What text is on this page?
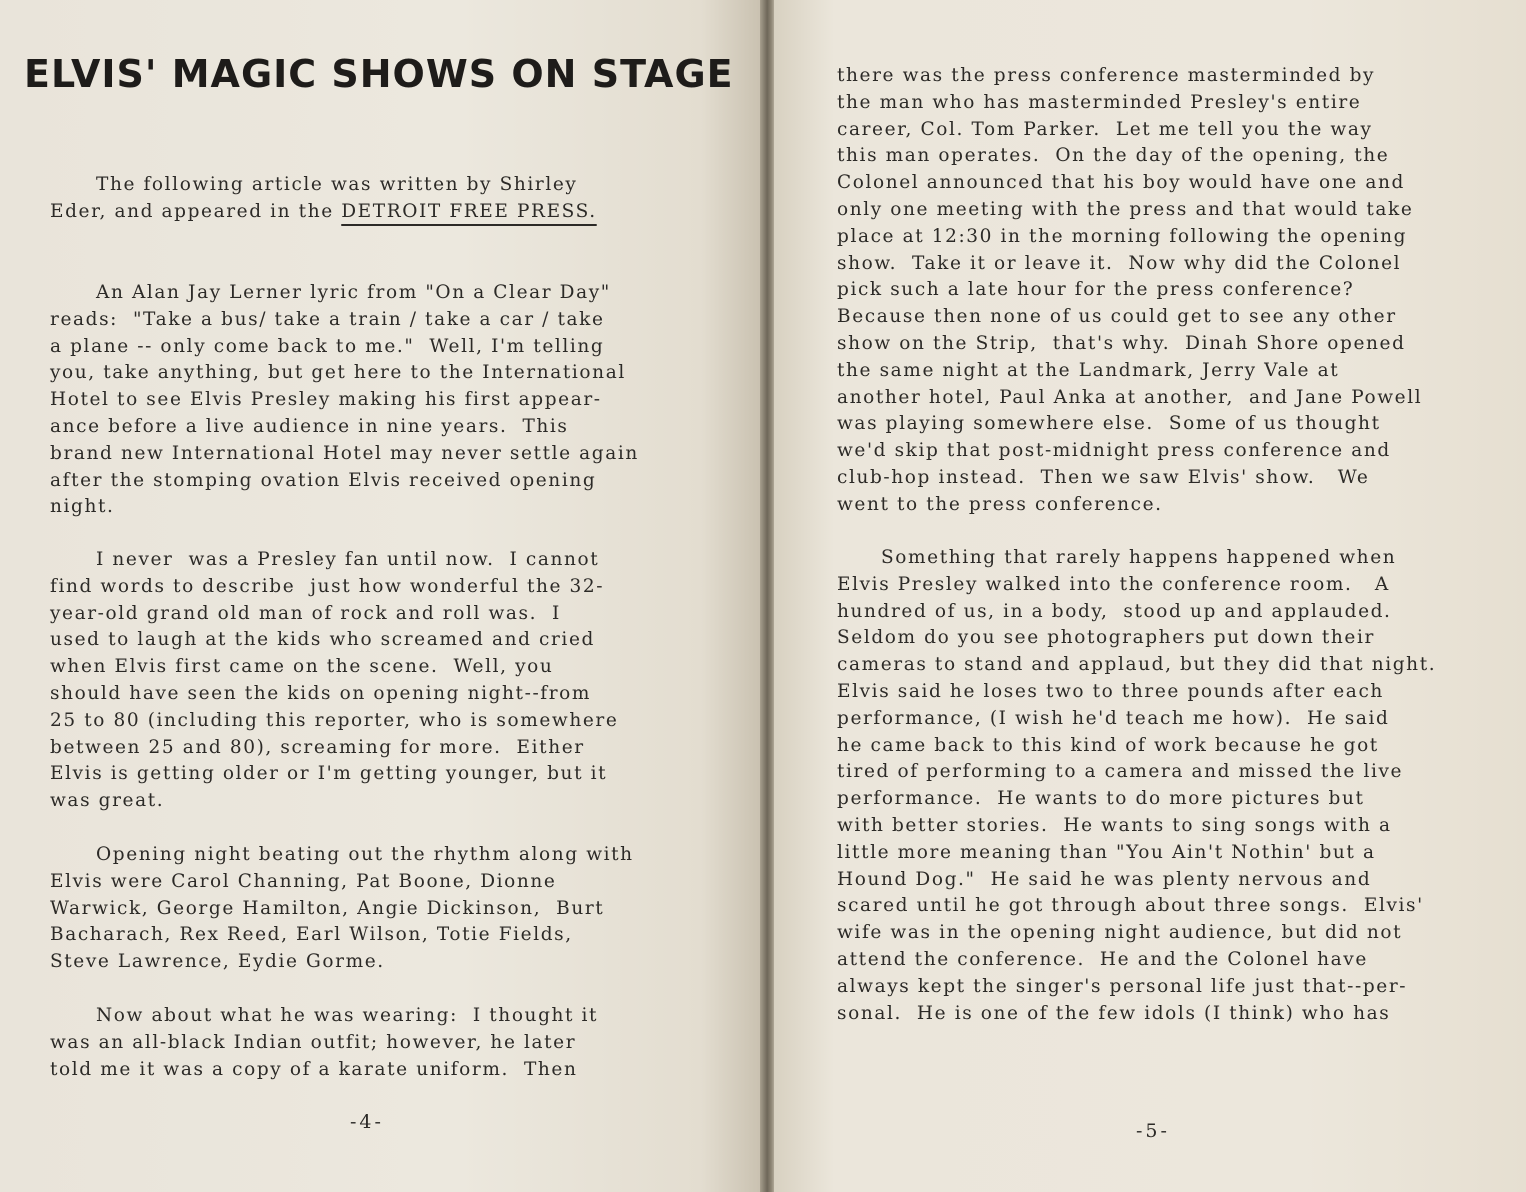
ELVIS' MAGIC SHOWS ON STAGE
The following article was written by Shirley
Eder, and appeared in the DETROIT FREE PRESS.
An Alan Jay Lerner lyric from "On a Clear Day"
reads:  "Take a bus/ take a train / take a car / take
a plane -- only come back to me."  Well, I'm telling
you, take anything, but get here to the International
Hotel to see Elvis Presley making his first appear-
ance before a live audience in nine years.  This
brand new International Hotel may never settle again
after the stomping ovation Elvis received opening
night.
I never  was a Presley fan until now.  I cannot
find words to describe  just how wonderful the 32-
year-old grand old man of rock and roll was.  I
used to laugh at the kids who screamed and cried
when Elvis first came on the scene.  Well, you
should have seen the kids on opening night--from
25 to 80 (including this reporter, who is somewhere
between 25 and 80), screaming for more.  Either
Elvis is getting older or I'm getting younger, but it
was great.
Opening night beating out the rhythm along with
Elvis were Carol Channing, Pat Boone, Dionne
Warwick, George Hamilton, Angie Dickinson,  Burt
Bacharach, Rex Reed, Earl Wilson, Totie Fields,
Steve Lawrence, Eydie Gorme.
Now about what he was wearing:  I thought it
was an all-black Indian outfit; however, he later
told me it was a copy of a karate uniform.  Then

-4-

there was the press conference masterminded by
the man who has masterminded Presley's entire
career, Col. Tom Parker.  Let me tell you the way
this man operates.  On the day of the opening, the
Colonel announced that his boy would have one and
only one meeting with the press and that would take
place at 12:30 in the morning following the opening
show.  Take it or leave it.  Now why did the Colonel
pick such a late hour for the press conference?
Because then none of us could get to see any other
show on the Strip,  that's why.  Dinah Shore opened
the same night at the Landmark, Jerry Vale at
another hotel, Paul Anka at another,  and Jane Powell
was playing somewhere else.  Some of us thought
we'd skip that post-midnight press conference and
club-hop instead.  Then we saw Elvis' show.   We
went to the press conference.
Something that rarely happens happened when
Elvis Presley walked into the conference room.   A
hundred of us, in a body,  stood up and applauded.
Seldom do you see photographers put down their
cameras to stand and applaud, but they did that night.
Elvis said he loses two to three pounds after each
performance, (I wish he'd teach me how).  He said
he came back to this kind of work because he got
tired of performing to a camera and missed the live
performance.  He wants to do more pictures but
with better stories.  He wants to sing songs with a
little more meaning than "You Ain't Nothin' but a
Hound Dog."  He said he was plenty nervous and
scared until he got through about three songs.  Elvis'
wife was in the opening night audience, but did not
attend the conference.  He and the Colonel have
always kept the singer's personal life just that--per-
sonal.  He is one of the few idols (I think) who has

-5-
